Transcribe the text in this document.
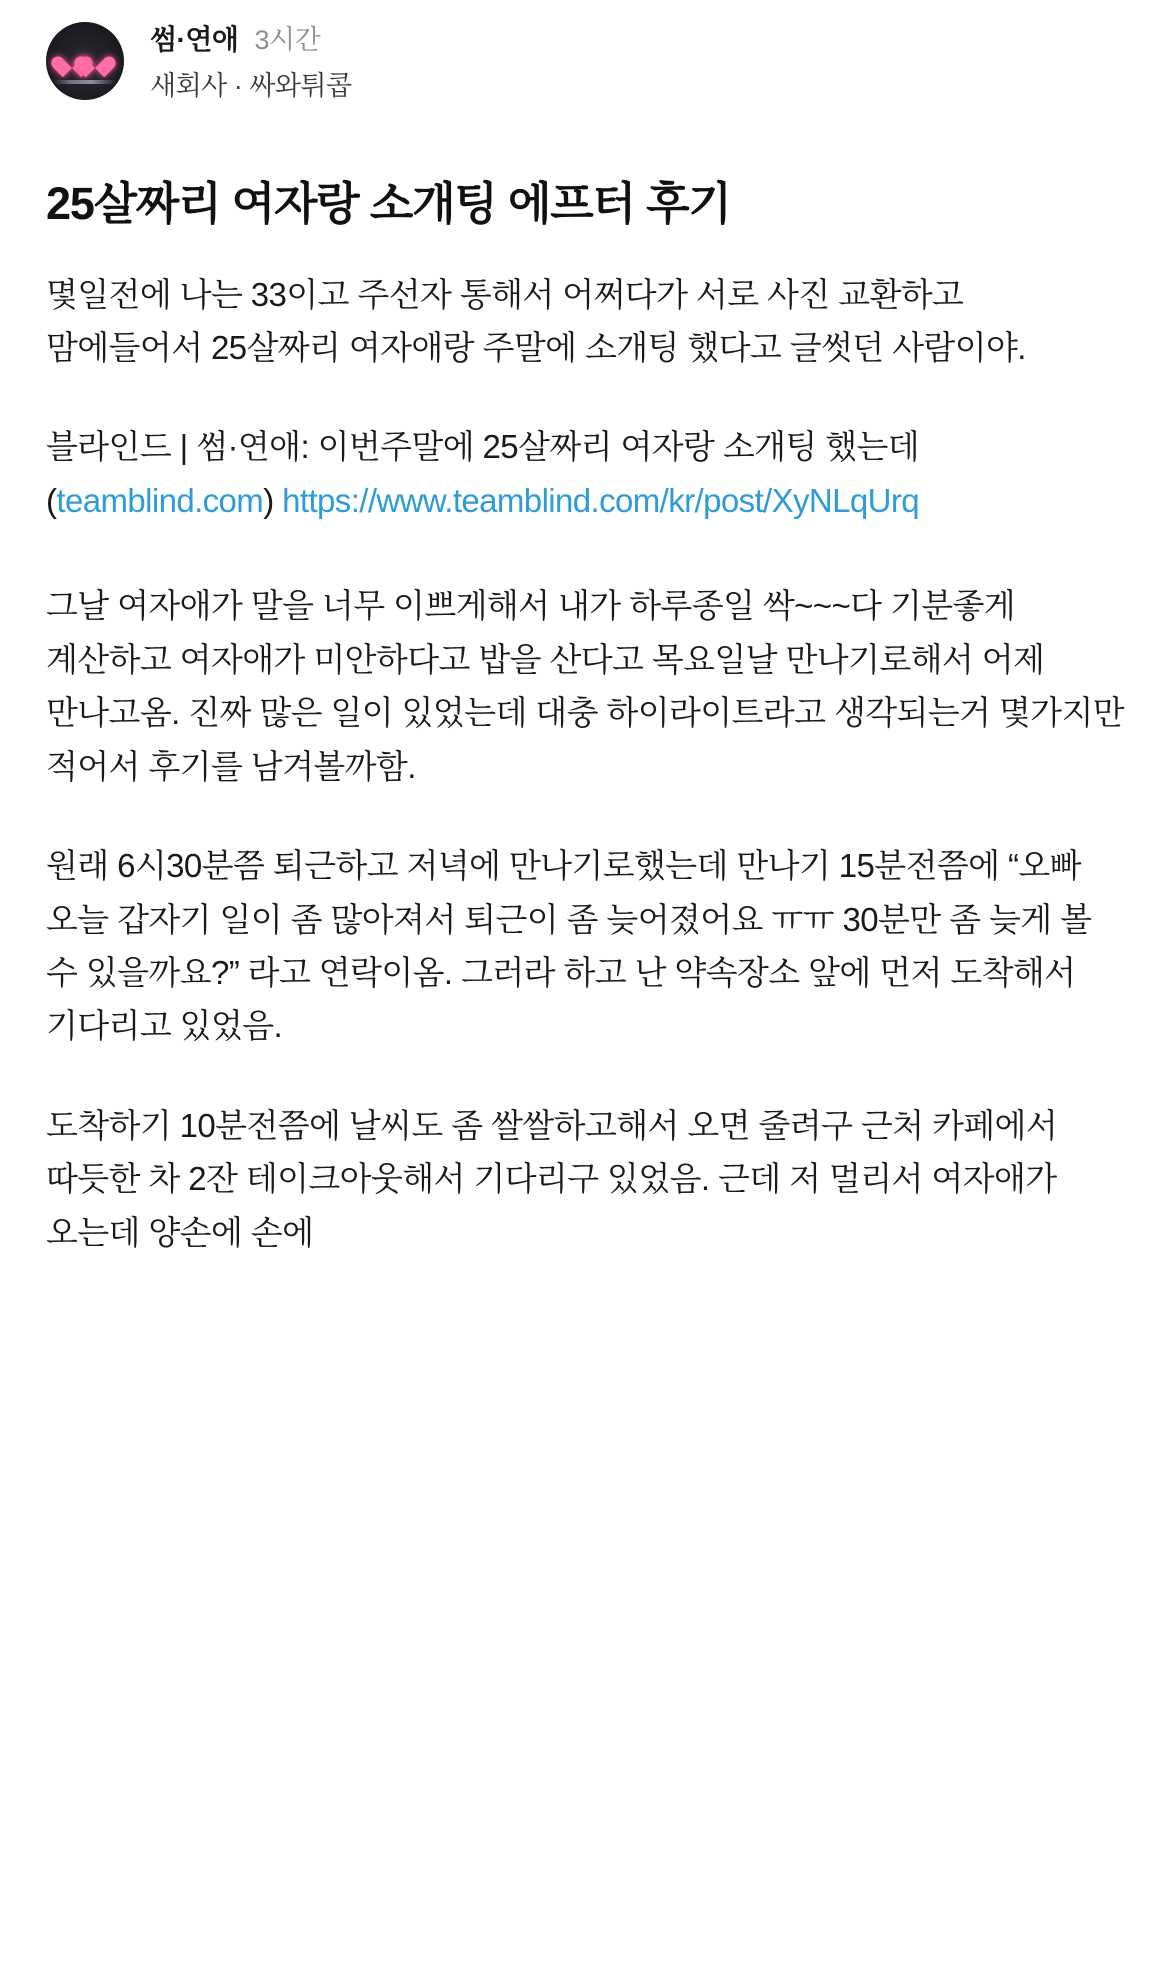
썸·연애 3시간
새회사 · 싸와튀콥
25살짜리 여자랑 소개팅 에프터 후기

몇일전에 나는 33이고 주선자 통해서 어쩌다가 서로 사진 교환하고 맘에들어서 25살짜리 여자애랑 주말에 소개팅 했다고 글썻던 사람이야.

블라인드 | 썸·연애: 이번주말에 25살짜리 여자랑 소개팅 했는데 (teamblind.com) https://www.teamblind.com/kr/post/XyNLqUrq

그날 여자애가 말을 너무 이쁘게해서 내가 하루종일 싹~~~다 기분좋게 계산하고 여자애가 미안하다고 밥을 산다고 목요일날 만나기로해서 어제 만나고옴. 진짜 많은 일이 있었는데 대충 하이라이트라고 생각되는거 몇가지만 적어서 후기를 남겨볼까함.

원래 6시30분쯤 퇴근하고 저녁에 만나기로했는데 만나기 15분전쯤에 “오빠 오늘 갑자기 일이 좀 많아져서 퇴근이 좀 늦어졌어요 ㅠㅠ 30분만 좀 늦게 볼 수 있을까요?” 라고 연락이옴. 그러라 하고 난 약속장소 앞에 먼저 도착해서 기다리고 있었음.

도착하기 10분전쯤에 날씨도 좀 쌀쌀하고해서 오면 줄려구 근처 카페에서 따듯한 차 2잔 테이크아웃해서 기다리구 있었음. 근데 저 멀리서 여자애가 오는데 양손에 손에
